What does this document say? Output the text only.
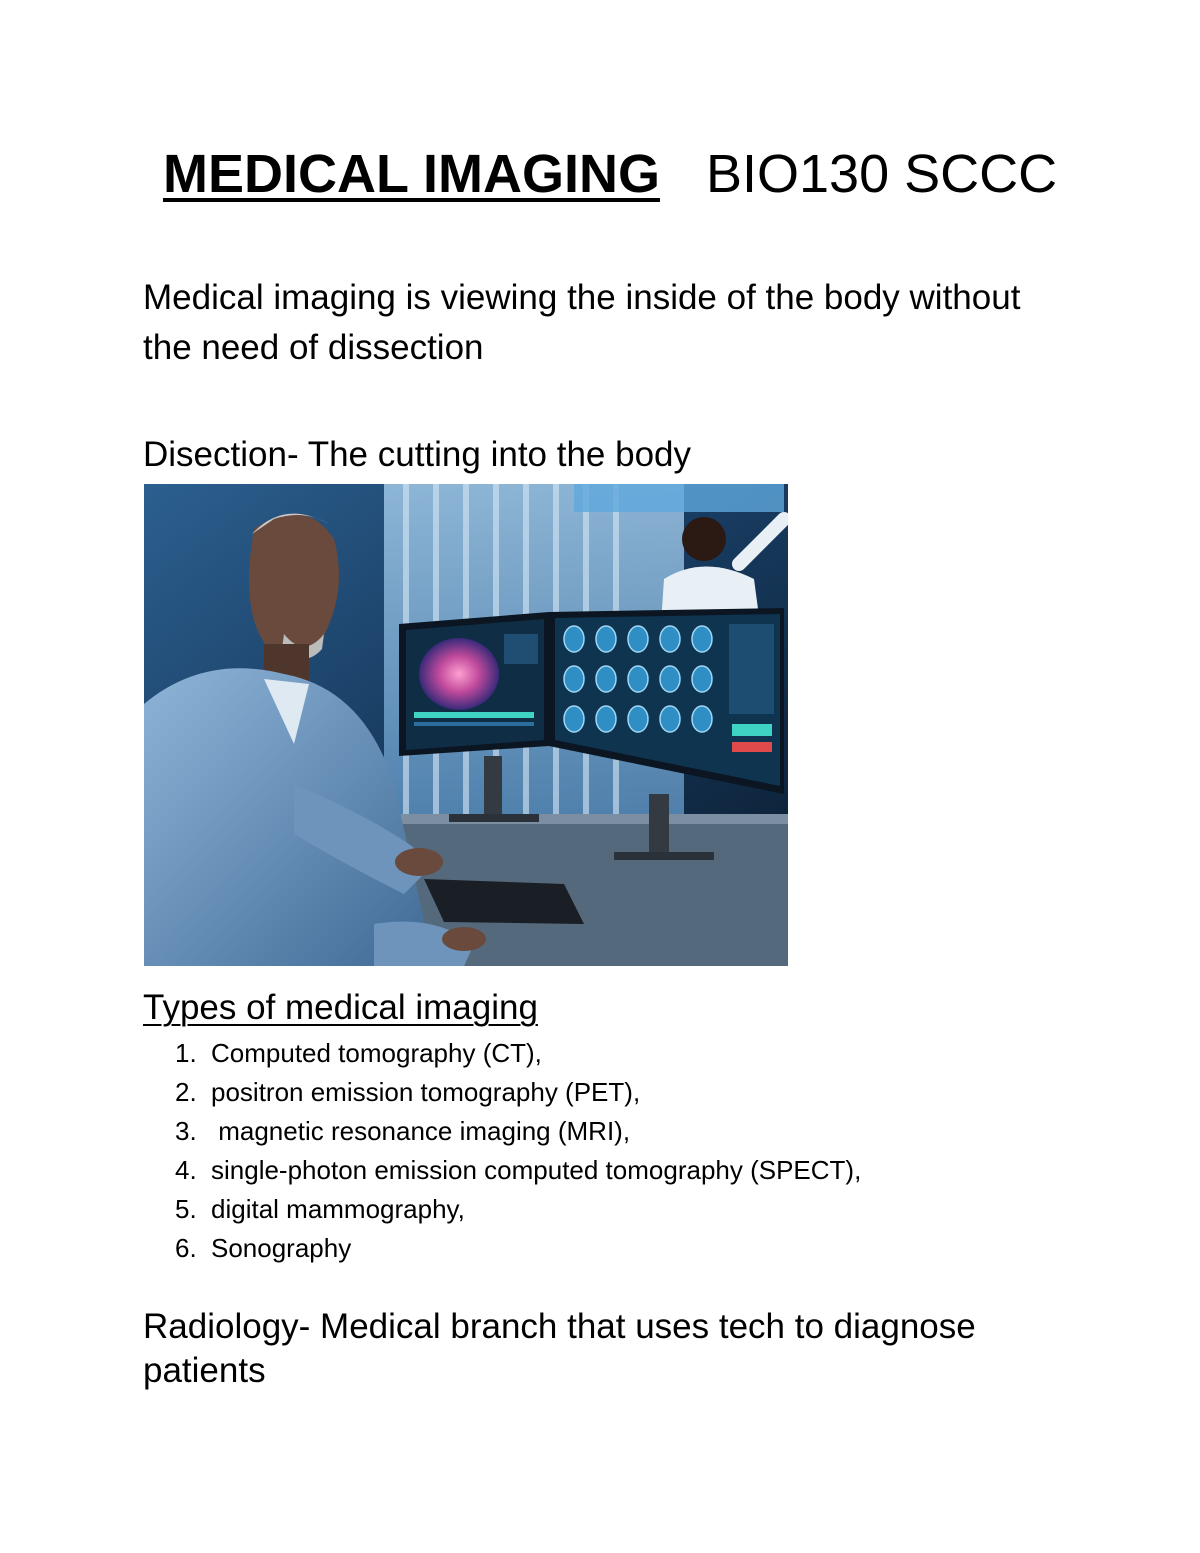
MEDICAL IMAGING BIO130 SCCC
Medical imaging is viewing the inside of the body without the need of dissection
Disection- The cutting into the body
Types of medical imaging
1. Computed tomography (CT),
2. positron emission tomography (PET),
3. magnetic resonance imaging (MRI),
4. single-photon emission computed tomography (SPECT),
5. digital mammography,
6. Sonography
Radiology- Medical branch that uses tech to diagnose patients
